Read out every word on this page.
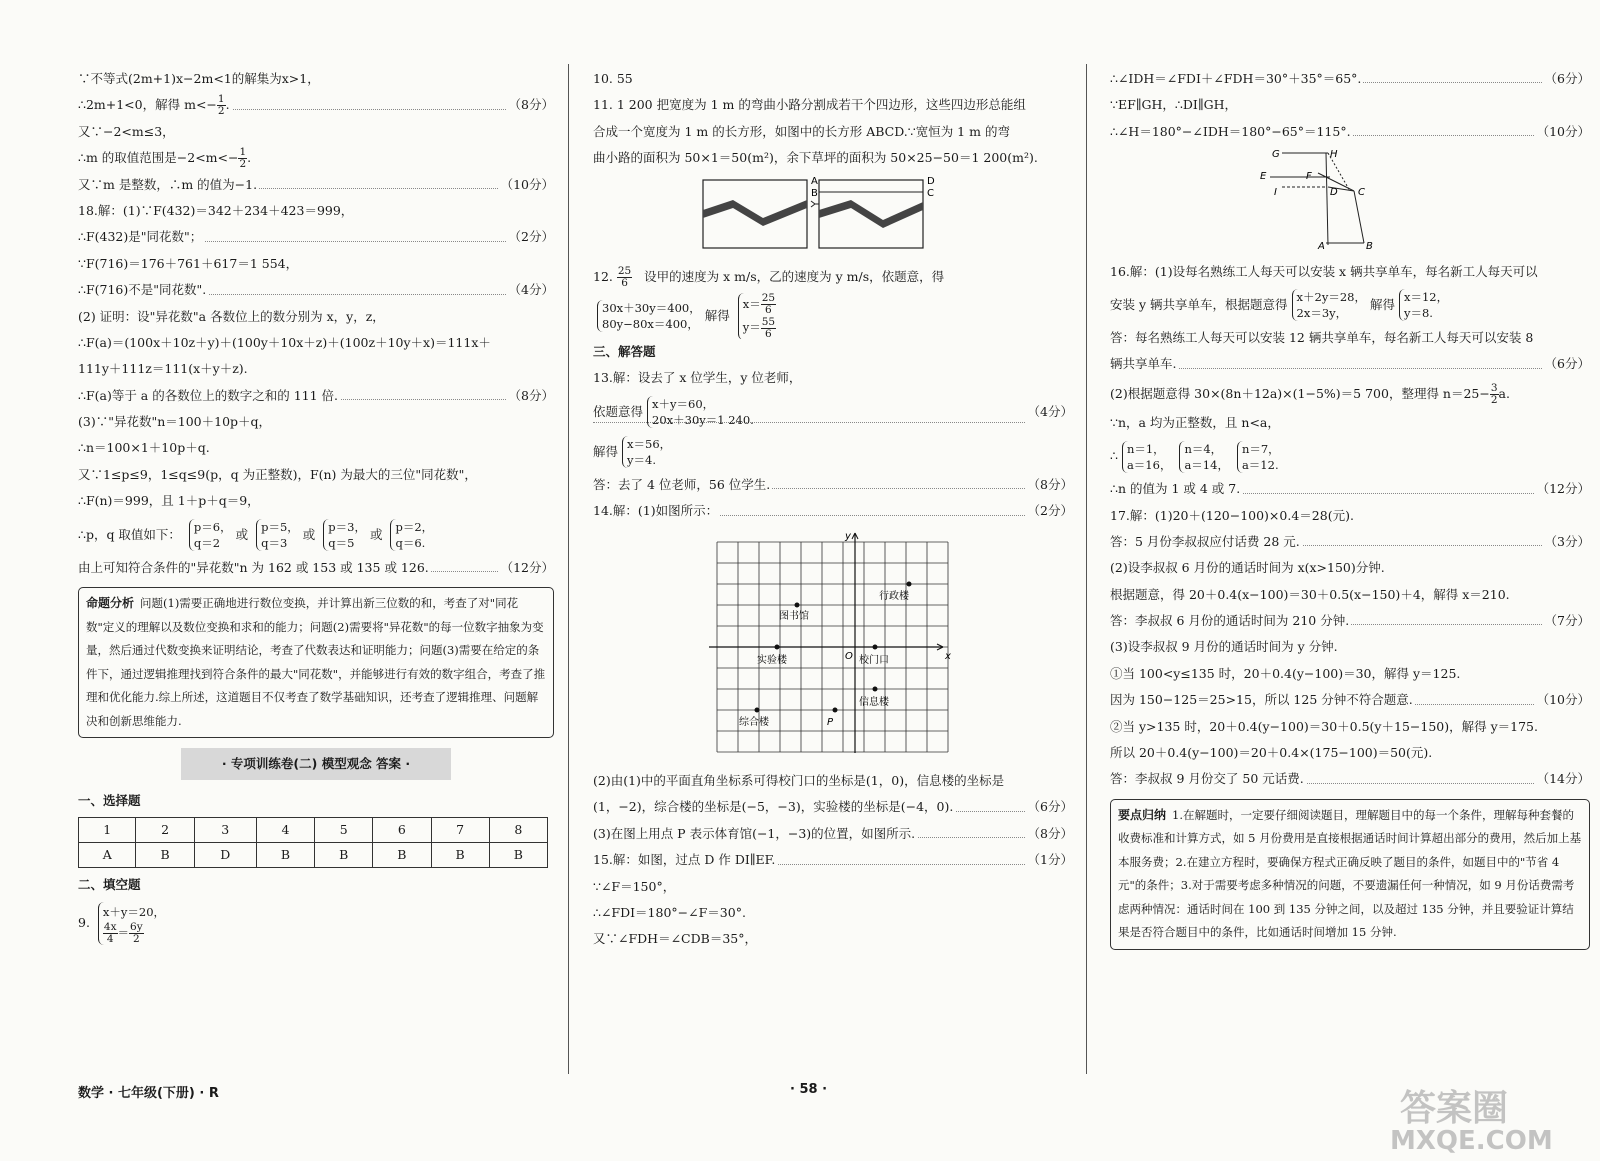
∵不等式(2m+1)x−2m<1的解集为x>1，
∴2m+1<0，解得 $m<- \frac{1}{2}$ .	（8分）
又∵−2<m≤3，
∴m 的取值范围是$-2<m<- \frac{1}{2}$ .
又∵m 是整数，∴m 的值为−1.	（10分）
18.解：(1)∵F(432)＝342＋234＋423＝999，
∴F(432)是"同花数"；	（2分）
∵F(716)＝176＋761＋617＝1 554，
∴F(716)不是"同花数".	（4分）
(2) 证明：设"异花数"a 各数位上的数分别为 x，y，z，
∴F(a)＝(100x＋10z＋y)＋(100y＋10x＋z)＋(100z＋10y＋x)＝111x＋
111y＋111z＝111(x＋y＋z).
∴F(a)等于 a 的各数位上的数字之和的 111 倍.	（8分）
(3)∵"异花数"n＝100＋10p＋q，
∴n＝100×1＋10p＋q.
又∵1≤p≤9，1≤q≤9(p，q 为正整数)，F(n) 为最大的三位"同花数"，
∴F(n)＝999，且 1＋p＋q＝9，
∴p，q 取值如下： p＝6，
q＝2或 p＝5，
q＝3或 p＝3，
q＝5或 p＝2，
q＝6.
由上可知符合条件的"异花数"n 为 162 或 153 或 135 或 126.	（12分）
命题分析 问题(1)需要正确地进行数位变换，并计算出新三位数的和，考查了对"同花数"定义的理解以及数位变换和求和的能力；问题(2)需要将"异花数"的每一位数字抽象为变量，然后通过代数变换来证明结论，考查了代数表达和证明能力；问题(3)需要在给定的条件下，通过逻辑推理找到符合条件的最大"同花数"，并能够进行有效的数字组合，考查了推理和优化能力.综上所述，这道题目不仅考查了数学基础知识，还考查了逻辑推理、问题解决和创新思维能力.
· 专项训练卷(二) 模型观念 答案 ·
一、选择题
1	2	3	4	5	6	7	8
A	B	D	B	B	B	B	B
二、填空题
9. x＋y＝20，

$\frac{4x}{4} = \frac{6y}{2}$
10. 55
11. 1 200 把宽度为 1 m 的弯曲小路分割成若干个四边形，这些四边形总能组
合成一个宽度为 1 m 的长方形，如图中的长方形 ABCD.∵宽恒为 1 m 的弯
曲小路的面积为 50×1＝50(m²)，余下草坪的面积为 50×25−50＝1 200(m²).
A
B
D
C
12. $\frac{25}{6}$ 设甲的速度为 x m/s，乙的速度为 y m/s，依题意，得
30x＋30y＝400，
80y−80x＝400，解得 $x= \frac{25}{6}$

$y= \frac{55}{6}$
三、解答题
13.解：设去了 x 位学生，y 位老师，
依题意得 x＋y＝60，
20x＋30y＝1 240.
（4分）
解得 x＝56，
y＝4.
答：去了 4 位老师，56 位学生.	（8分）
14.解：(1)如图所示：	（2分）
x
y
O
行政楼
图书馆
实验楼	校门口
信息楼
综合楼	P
(2)由(1)中的平面直角坐标系可得校门口的坐标是(1，0)，信息楼的坐标是
(1，−2)，综合楼的坐标是(−5，−3)，实验楼的坐标是(−4，0).	（6分）
(3)在图上用点 P 表示体育馆(−1，−3)的位置，如图所示.	（8分）
15.解：如图，过点 D 作 DI∥EF.	（1分）
∵∠F＝150°，
∴∠FDI＝180°−∠F＝30°.
又∵∠FDH＝∠CDB＝35°，
∴∠IDH＝∠FDI＋∠FDH＝30°＋35°＝65°.	（6分）
∵EF∥GH，∴DI∥GH，
∴∠H＝180°−∠IDH＝180°−65°＝115°.	（10分）
G	H
E	F
I	D C
A	B
16.解：(1)设每名熟练工人每天可以安装 x 辆共享单车，每名新工人每天可以
安装 y 辆共享单车，根据题意得 x＋2y＝28，
2x＝3y，解得 x＝12，
y＝8.
答：每名熟练工人每天可以安装 12 辆共享单车，每名新工人每天可以安装 8
辆共享单车.	（6分）
(2)根据题意得 30×(8n＋12a)×(1−5%)＝5 700，整理得 $n=25- \frac{3}{2} a$.
∵n，a 均为正整数，且 n<a，
∴ n＝1，
a＝16，n＝4，
a＝14，n＝7，
a＝12.
∴n 的值为 1 或 4 或 7.	（12分）
17.解：(1)20＋(120−100)×0.4＝28(元).
答：5 月份李叔叔应付话费 28 元.	（3分）
(2)设李叔叔 6 月份的通话时间为 x(x>150)分钟.
根据题意，得 20＋0.4(x−100)＝30＋0.5(x−150)＋4，解得 x＝210.
答：李叔叔 6 月份的通话时间为 210 分钟.	（7分）
(3)设李叔叔 9 月份的通话时间为 y 分钟.
①当 100<y≤135 时，20＋0.4(y−100)＝30，解得 y＝125.
因为 150−125＝25>15，所以 125 分钟不符合题意.	（10分）
②当 y>135 时，20＋0.4(y−100)＝30＋0.5(y＋15−150)，解得 y＝175.
所以 20＋0.4(y−100)＝20＋0.4×(175−100)＝50(元).
答：李叔叔 9 月份交了 50 元话费.	（14分）
要点归纳 1.在解题时，一定要仔细阅读题目，理解题目中的每一个条件，理解每种套餐的收费标准和计算方式，如 5 月份费用是直接根据通话时间计算超出部分的费用，然后加上基本服务费；2.在建立方程时，要确保方程式正确反映了题目的条件，如题目中的"节省 4 元"的条件；3.对于需要考虑多种情况的问题，不要遗漏任何一种情况，如 9 月份话费需考虑两种情况：通话时间在 100 到 135 分钟之间，以及超过 135 分钟，并且要验证计算结果是否符合题目中的条件，比如通话时间增加 15 分钟.
数学 · 七年级(下册) · R	· 58 ·	答案圈
MXQE.COM
